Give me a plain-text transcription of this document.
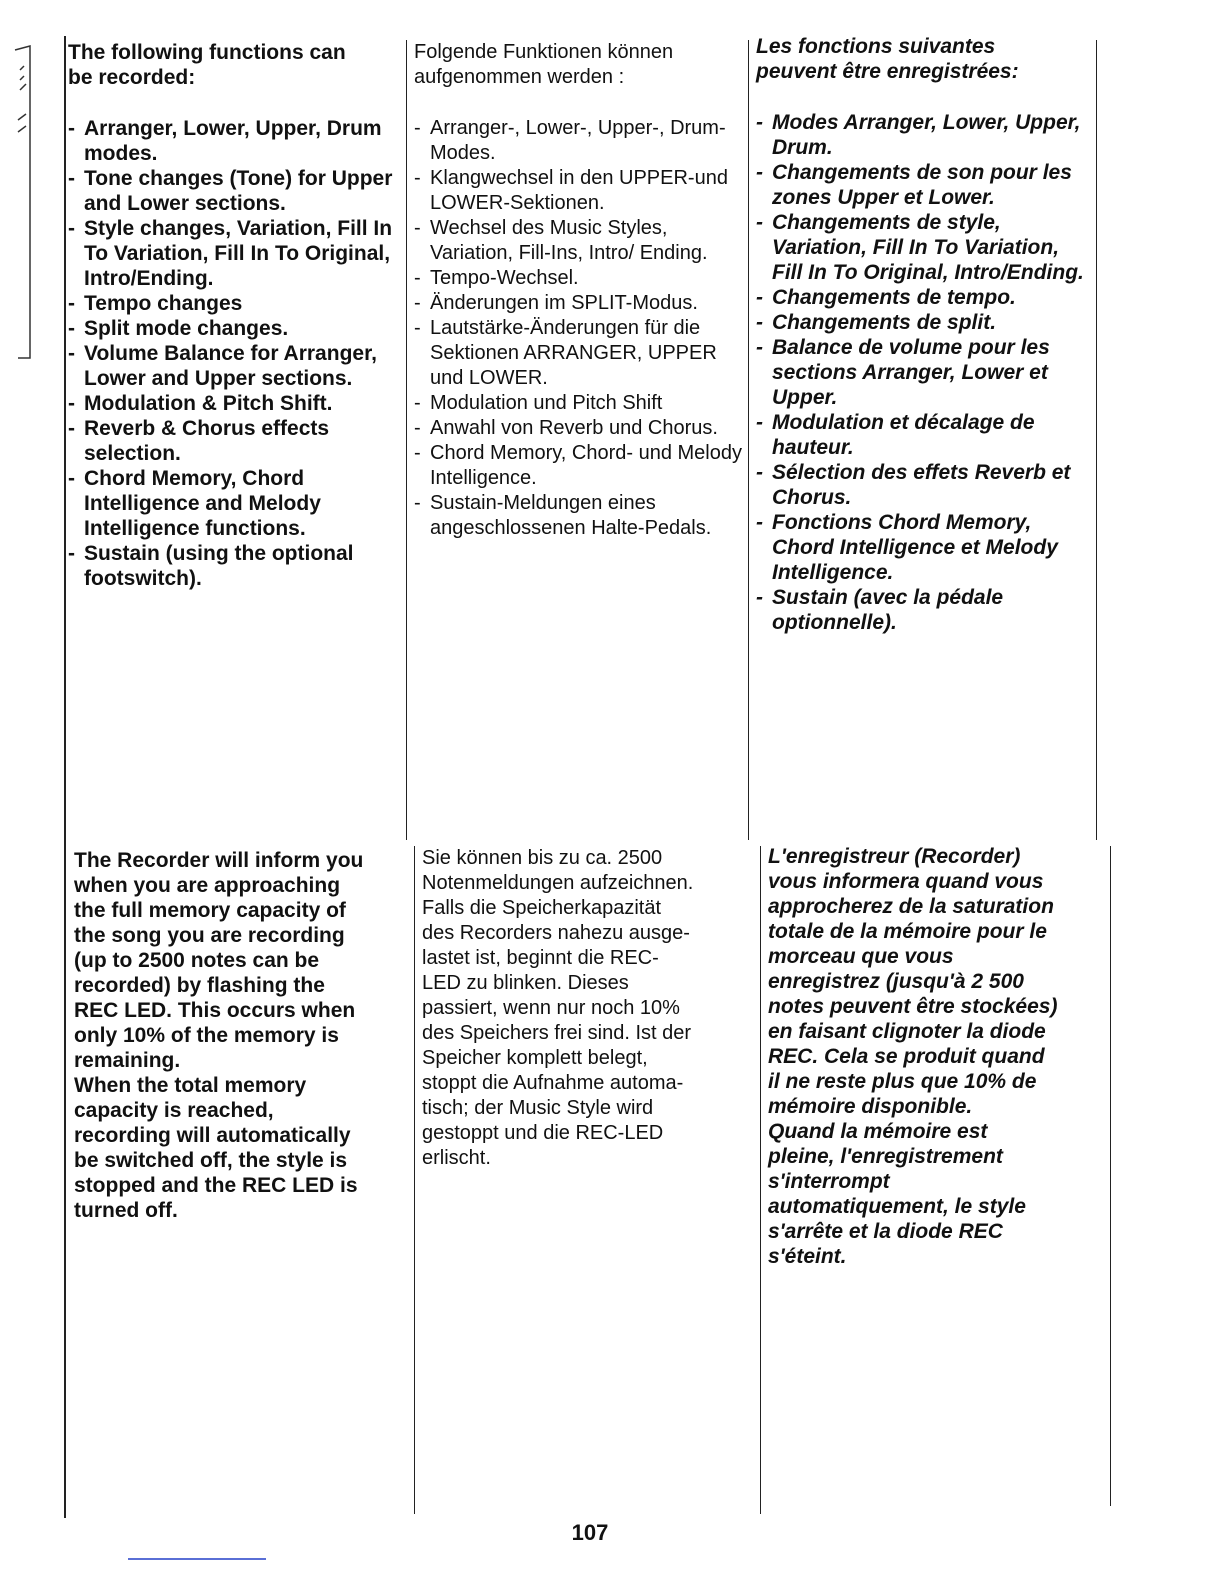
The following functions can
be recorded:

- Arranger, Lower, Upper, Drum modes.
- Tone changes (Tone) for Upper and Lower sections.
- Style changes, Variation, Fill In To Variation, Fill In To Original, Intro/Ending.
- Tempo changes
- Split mode changes.
- Volume Balance for Arranger, Lower and Upper sections.
- Modulation & Pitch Shift.
- Reverb & Chorus effects selection.
- Chord Memory, Chord Intelligence and Melody Intelligence functions.
- Sustain (using the optional footswitch).

Folgende Funktionen können
aufgenommen werden :

- Arranger-, Lower-, Upper-, Drum-Modes.
- Klangwechsel in den UPPER-und LOWER-Sektionen.
- Wechsel des Music Styles, Variation, Fill-Ins, Intro/ Ending.
- Tempo-Wechsel.
- Änderungen im SPLIT-Modus.
- Lautstärke-Änderungen für die Sektionen ARRANGER, UPPER und LOWER.
- Modulation und Pitch Shift
- Anwahl von Reverb und Chorus.
- Chord Memory, Chord- und Melody Intelligence.
- Sustain-Meldungen eines angeschlossenen Halte-Pedals.

Les fonctions suivantes
peuvent être enregistrées:

- Modes Arranger, Lower, Upper, Drum.
- Changements de son pour les zones Upper et Lower.
- Changements de style, Variation, Fill In To Variation, Fill In To Original, Intro/Ending.
- Changements de tempo.
- Changements de split.
- Balance de volume pour les sections Arranger, Lower et Upper.
- Modulation et décalage de hauteur.
- Sélection des effets Reverb et Chorus.
- Fonctions Chord Memory, Chord Intelligence et Melody Intelligence.
- Sustain (avec la pédale optionnelle).

The Recorder will inform you
when you are approaching
the full memory capacity of
the song you are recording
(up to 2500 notes can be
recorded) by flashing the
REC LED. This occurs when
only 10% of the memory is
remaining.
When the total memory
capacity is reached,
recording will automatically
be switched off, the style is
stopped and the REC LED is
turned off.

Sie können bis zu ca. 2500
Notenmeldungen aufzeichnen.
Falls die Speicherkapazität
des Recorders nahezu ausge-
lastet ist, beginnt die REC-
LED zu blinken. Dieses
passiert, wenn nur noch 10%
des Speichers frei sind. Ist der
Speicher komplett belegt,
stoppt die Aufnahme automa-
tisch; der Music Style wird
gestoppt und die REC-LED
erlischt.

L'enregistreur (Recorder)
vous informera quand vous
approcherez de la saturation
totale de la mémoire pour le
morceau que vous
enregistrez (jusqu'à 2 500
notes peuvent être stockées)
en faisant clignoter la diode
REC. Cela se produit quand
il ne reste plus que 10% de
mémoire disponible.
Quand la mémoire est
pleine, l'enregistrement
s'interrompt
automatiquement, le style
s'arrête et la diode REC
s'éteint.

107
